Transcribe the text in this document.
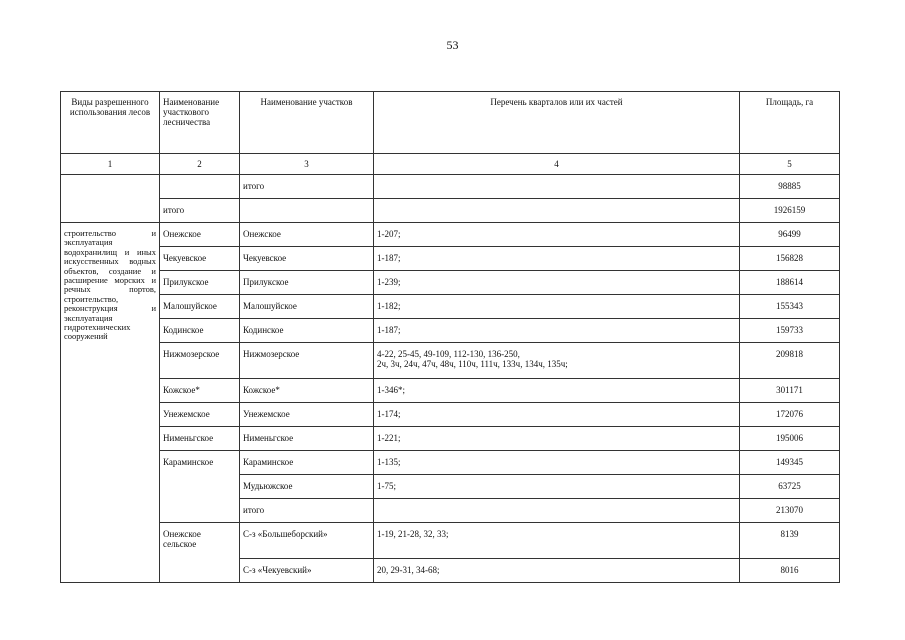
53
Виды разрешенного использования лесов	Наименование участкового лесничества	Наименование участков	Перечень кварталов или их частей	Площадь, га
1	2	3	4	5
		итого		98885
	итого			1926159
строительство и эксплуатация водохранилищ и иных искусственных водных объектов, создание и расширение морских и речных портов, строительство, реконструкция и эксплуатация гидротехнических сооружений	Онежское	Онежское	1-207;	96499
	Чекуевское	Чекуевское	1-187;	156828
	Прилукское	Прилукское	1-239;	188614
	Малошуйское	Малошуйское	1-182;	155343
	Кодинское	Кодинское	1-187;	159733
	Нижмозерское	Нижмозерское	4-22, 25-45, 49-109, 112-130, 136-250,
2ч, 3ч, 24ч, 47ч, 48ч, 110ч, 111ч, 133ч, 134ч, 135ч;	209818
	Кожское*	Кожское*	1-346*;	301171
	Унежемское	Унежемское	1-174;	172076
	Нименьгское	Нименьгское	1-221;	195006
	Караминское	Караминское	1-135;	149345
		Мудьюжское	1-75;	63725
		итого		213070
	Онежское сельское	С-з «Большеборский»	1-19, 21-28, 32, 33;	8139
		С-з «Чекуевский»	20, 29-31, 34-68;	8016
